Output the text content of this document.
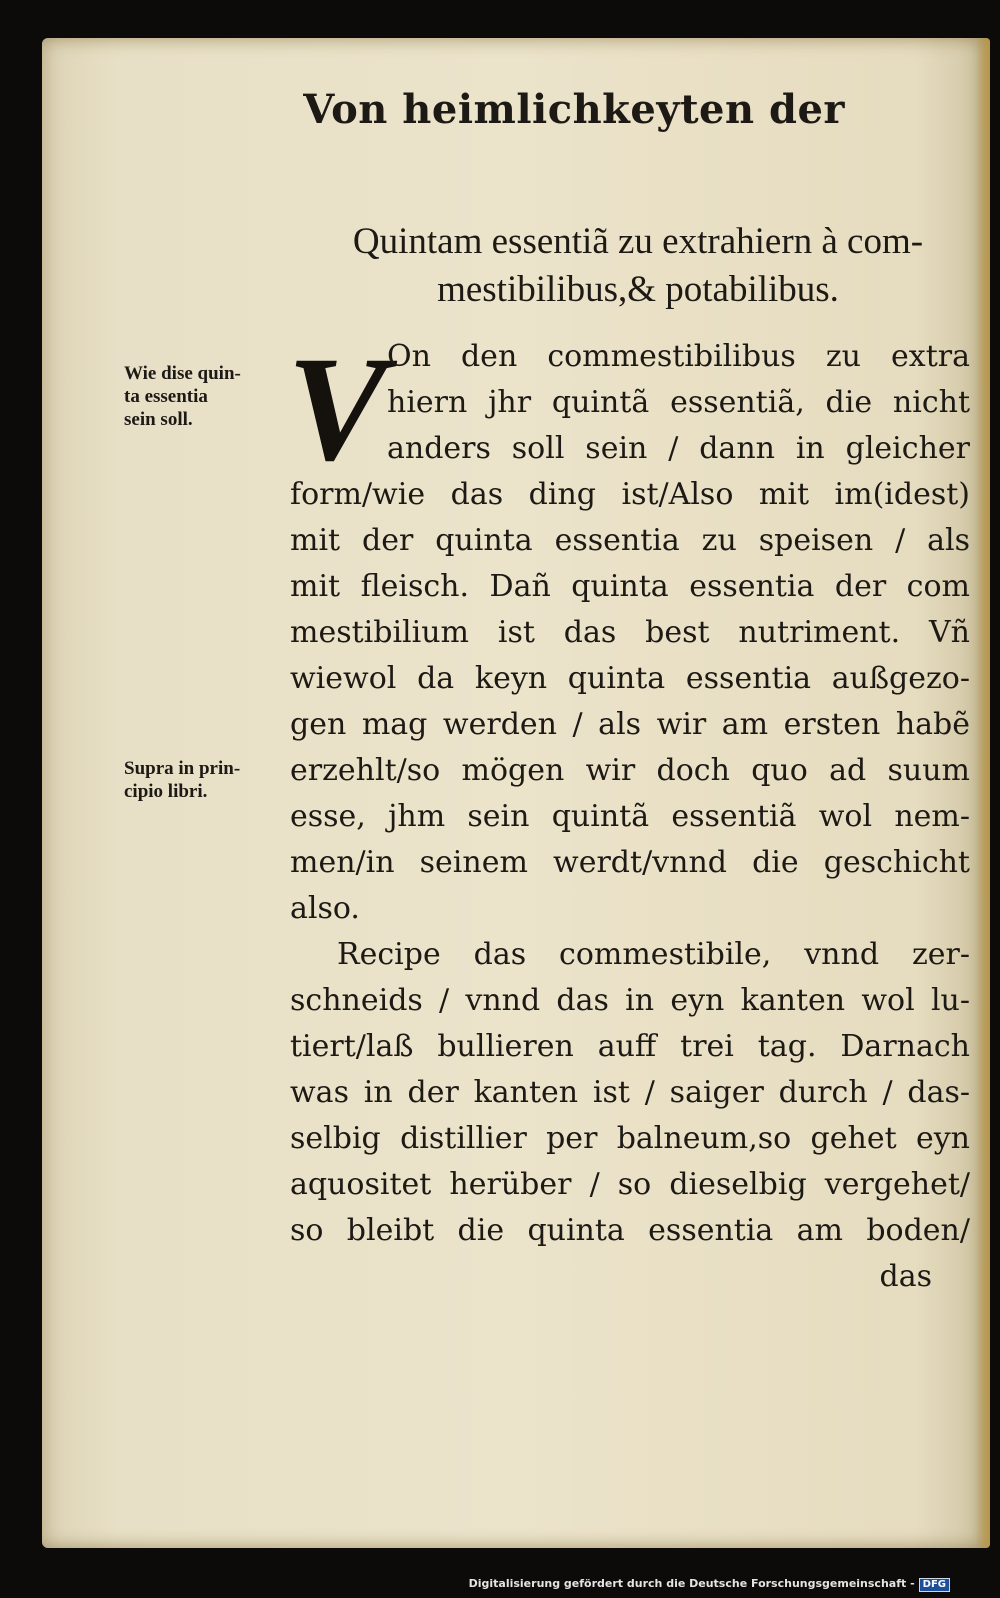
Von heimlichkeyten der
Quintam essentiã zu extrahiern à com-
mestibilibus,& potabilibus.
V
Wie dise quin-
ta essentia
sein soll.
Supra in prin-
cipio libri.
On den commestibilibus zu extra
hiern jhr quintã essentiã, die nicht
anders soll sein / dann in gleicher
form/wie das ding ist/Also mit im(idest)
mit der quinta essentia zu speisen / als
mit fleisch. Dañ quinta essentia der com
mestibilium ist das best nutriment. Vñ
wiewol da keyn quinta essentia außgezo-
gen mag werden / als wir am ersten habẽ
erzehlt/so mögen wir doch quo ad suum
esse, jhm sein quintã essentiã wol nem-
men/in seinem werdt/vnnd die geschicht
also.
Recipe das commestibile, vnnd zer-
schneids / vnnd das in eyn kanten wol lu-
tiert/laß bullieren auff trei tag. Darnach
was in der kanten ist / saiger durch / das-
selbig distillier per balneum,so gehet eyn
aquositet herüber / so dieselbig vergehet/
so bleibt die quinta essentia am boden/
das
Digitalisierung gefördert durch die Deutsche Forschungsgemeinschaft - DFG
